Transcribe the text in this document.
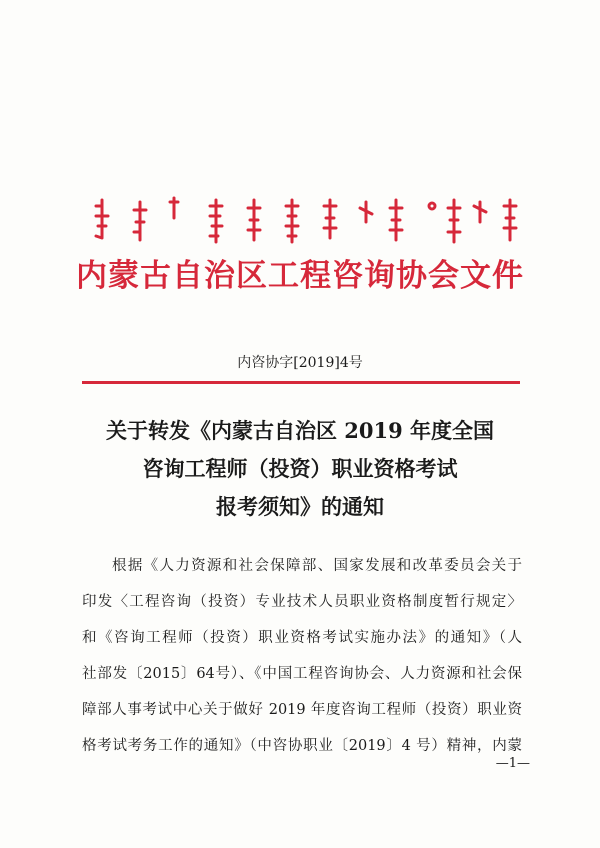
内蒙古自治区工程咨询协会文件
内咨协字[2019]4号
关于转发《内蒙古自治区 2019 年度全国
咨询工程师（投资）职业资格考试
报考须知》的通知
根据《人力资源和社会保障部、国家发展和改革委员会关于
印发〈工程咨询（投资）专业技术人员职业资格制度暂行规定〉
和《咨询工程师（投资）职业资格考试实施办法》的通知》（人
社部发〔2015〕64号）、《中国工程咨询协会、人力资源和社会保
障部人事考试中心关于做好 2019 年度咨询工程师（投资）职业资
格考试考务工作的通知》（中咨协职业〔2019〕4 号）精神，内蒙
—1—
